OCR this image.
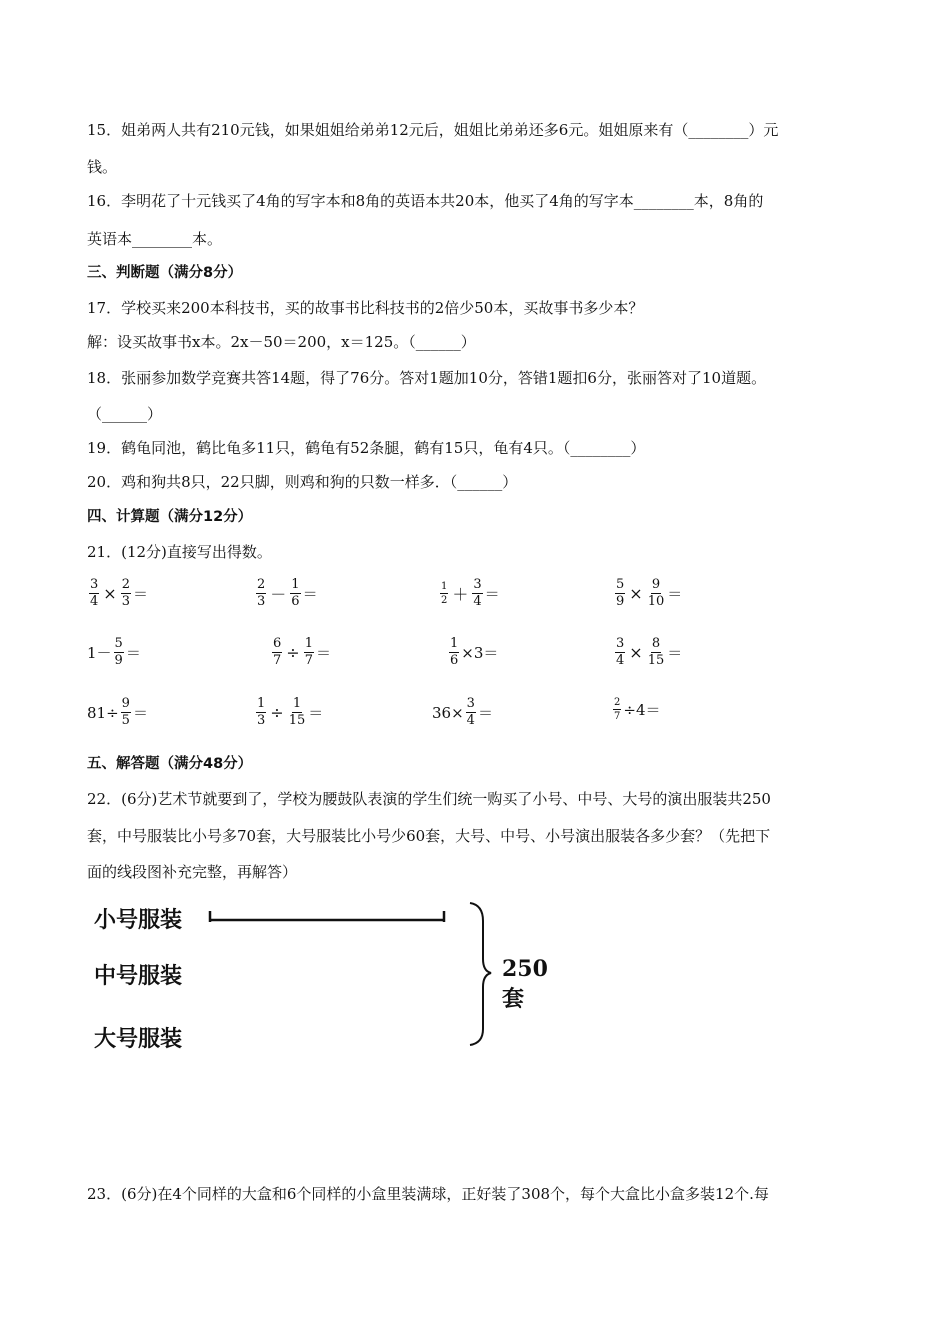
15．姐弟两人共有210元钱，如果姐姐给弟弟12元后，姐姐比弟弟还多6元。姐姐原来有（________）元
钱。
16．李明花了十元钱买了4角的写字本和8角的英语本共20本，他买了4角的写字本________本，8角的
英语本________本。
三、判断题（满分8分）
17．学校买来200本科技书，买的故事书比科技书的2倍少50本，买故事书多少本？
解：设买故事书x本。2x－50＝200，x＝125。（______）
18．张丽参加数学竞赛共答14题，得了76分。答对1题加10分，答错1题扣6分，张丽答对了10道题。
（______）
19．鹤龟同池，鹤比龟多11只，鹤龟有52条腿，鹤有15只，龟有4只。（________）
20．鸡和狗共8只，22只脚，则鸡和狗的只数一样多．（______）
四、计算题（满分12分）
21．(12分)直接写出得数。
$\frac{3}{4} \times \frac{2}{3}$ ＝	$\frac{2}{3} - \frac{1}{6}$ ＝	$\frac{1}{2} + \frac{3}{4}$ ＝	$\frac{5}{9} \times \frac{9}{10}$ ＝
$1- \frac{5}{9}$ ＝	$\frac{6}{7} \div \frac{1}{7}$ ＝	$\frac{1}{6} \times 3=$	$\frac{3}{4} \times \frac{8}{15}$ ＝
$81\div \frac{9}{5}$ ＝	$\frac{1}{3} \div \frac{1}{15}$ ＝	$36\times \frac{3}{4}$ ＝	$\frac{2}{7} \div 4=$
五、解答题（满分48分）
22．(6分)艺术节就要到了，学校为腰鼓队表演的学生们统一购买了小号、中号、大号的演出服装共250
套，中号服装比小号多70套，大号服装比小号少60套，大号、中号、小号演出服装各多少套？（先把下
面的线段图补充完整，再解答）
小号服装
中号服装
大号服装
250套
23．(6分)在4个同样的大盒和6个同样的小盒里装满球，正好装了308个，每个大盒比小盒多装12个.每
